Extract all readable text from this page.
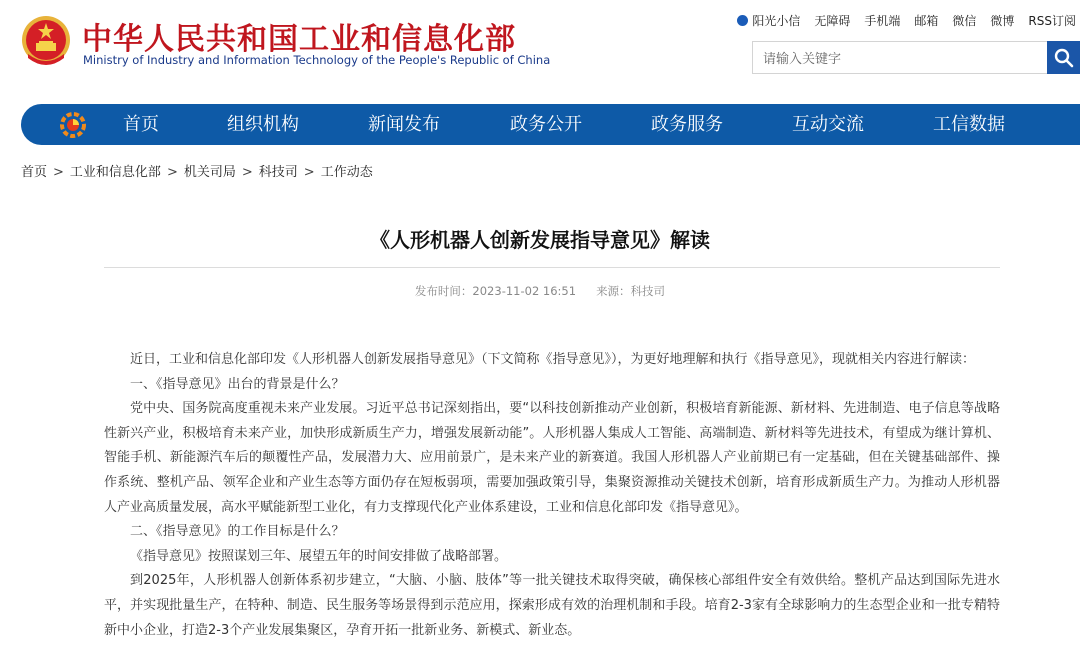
中华人民共和国工业和信息化部
Ministry of Industry and Information Technology of the People's Republic of China
阳光小信 无障碍 手机端 邮箱 微信 微博 RSS订阅
请输入关键字
首页	组织机构	新闻发布	政务公开	政务服务	互动交流	工信数据
首页 > 工业和信息化部 > 机关司局 > 科技司 > 工作动态
《人形机器人创新发展指导意见》解读
发布时间：2023-11-02 16:51 来源：科技司

近日，工业和信息化部印发《人形机器人创新发展指导意见》（下文简称《指导意见》），为更好地理解和执行《指导意见》，现就相关内容进行解读：

一、《指导意见》出台的背景是什么？

党中央、国务院高度重视未来产业发展。习近平总书记深刻指出，要“以科技创新推动产业创新，积极培育新能源、新材料、先进制造、电子信息等战略性新兴产业，积极培育未来产业，加快形成新质生产力，增强发展新动能”。人形机器人集成人工智能、高端制造、新材料等先进技术，有望成为继计算机、智能手机、新能源汽车后的颠覆性产品，发展潜力大、应用前景广，是未来产业的新赛道。我国人形机器人产业前期已有一定基础，但在关键基础部件、操作系统、整机产品、领军企业和产业生态等方面仍存在短板弱项，需要加强政策引导，集聚资源推动关键技术创新，培育形成新质生产力。为推动人形机器人产业高质量发展，高水平赋能新型工业化，有力支撑现代化产业体系建设，工业和信息化部印发《指导意见》。

二、《指导意见》的工作目标是什么？

《指导意见》按照谋划三年、展望五年的时间安排做了战略部署。

到2025年，人形机器人创新体系初步建立，“大脑、小脑、肢体”等一批关键技术取得突破，确保核心部组件安全有效供给。整机产品达到国际先进水平，并实现批量生产，在特种、制造、民生服务等场景得到示范应用，探索形成有效的治理机制和手段。培育2-3家有全球影响力的生态型企业和一批专精特新中小企业，打造2-3个产业发展集聚区，孕育开拓一批新业务、新模式、新业态。
